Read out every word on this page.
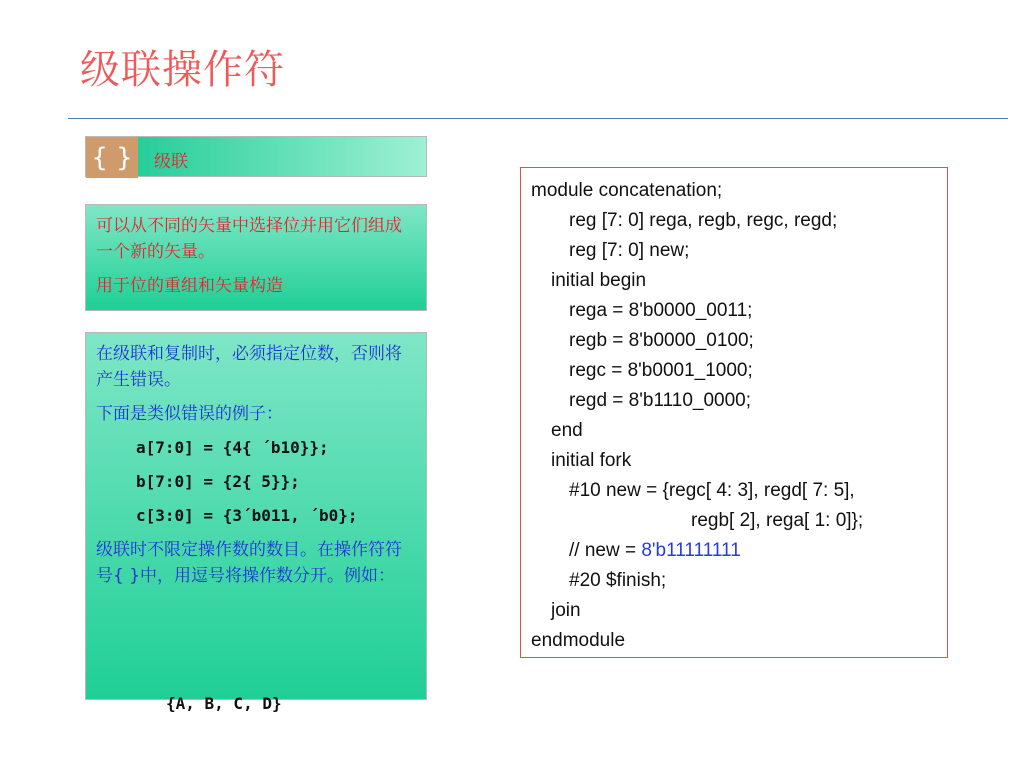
级联操作符
{ }	级联

可以从不同的矢量中选择位并用它们组成一个新的矢量。

用于位的重组和矢量构造

在级联和复制时，必须指定位数，否则将产生错误。
下面是类似错误的例子：
a[7:0] = {4{ ´b10}};
b[7:0] = {2{ 5}};
c[3:0] = {3´b011, ´b0};
级联时不限定操作数的数目。在操作符符号{ }中，用逗号将操作数分开。例如：
{A, B, C, D}
module concatenation;
reg [7: 0] rega, regb, regc, regd;
reg [7: 0] new;
initial begin
rega = 8'b0000_0011;
regb = 8'b0000_0100;
regc = 8'b0001_1000;
regd = 8'b1110_0000;
end
initial fork
#10 new = {regc[ 4: 3], regd[ 7: 5],
regb[ 2], rega[ 1: 0]};
// new = 8'b11111111
#20 $finish;
join
endmodule
